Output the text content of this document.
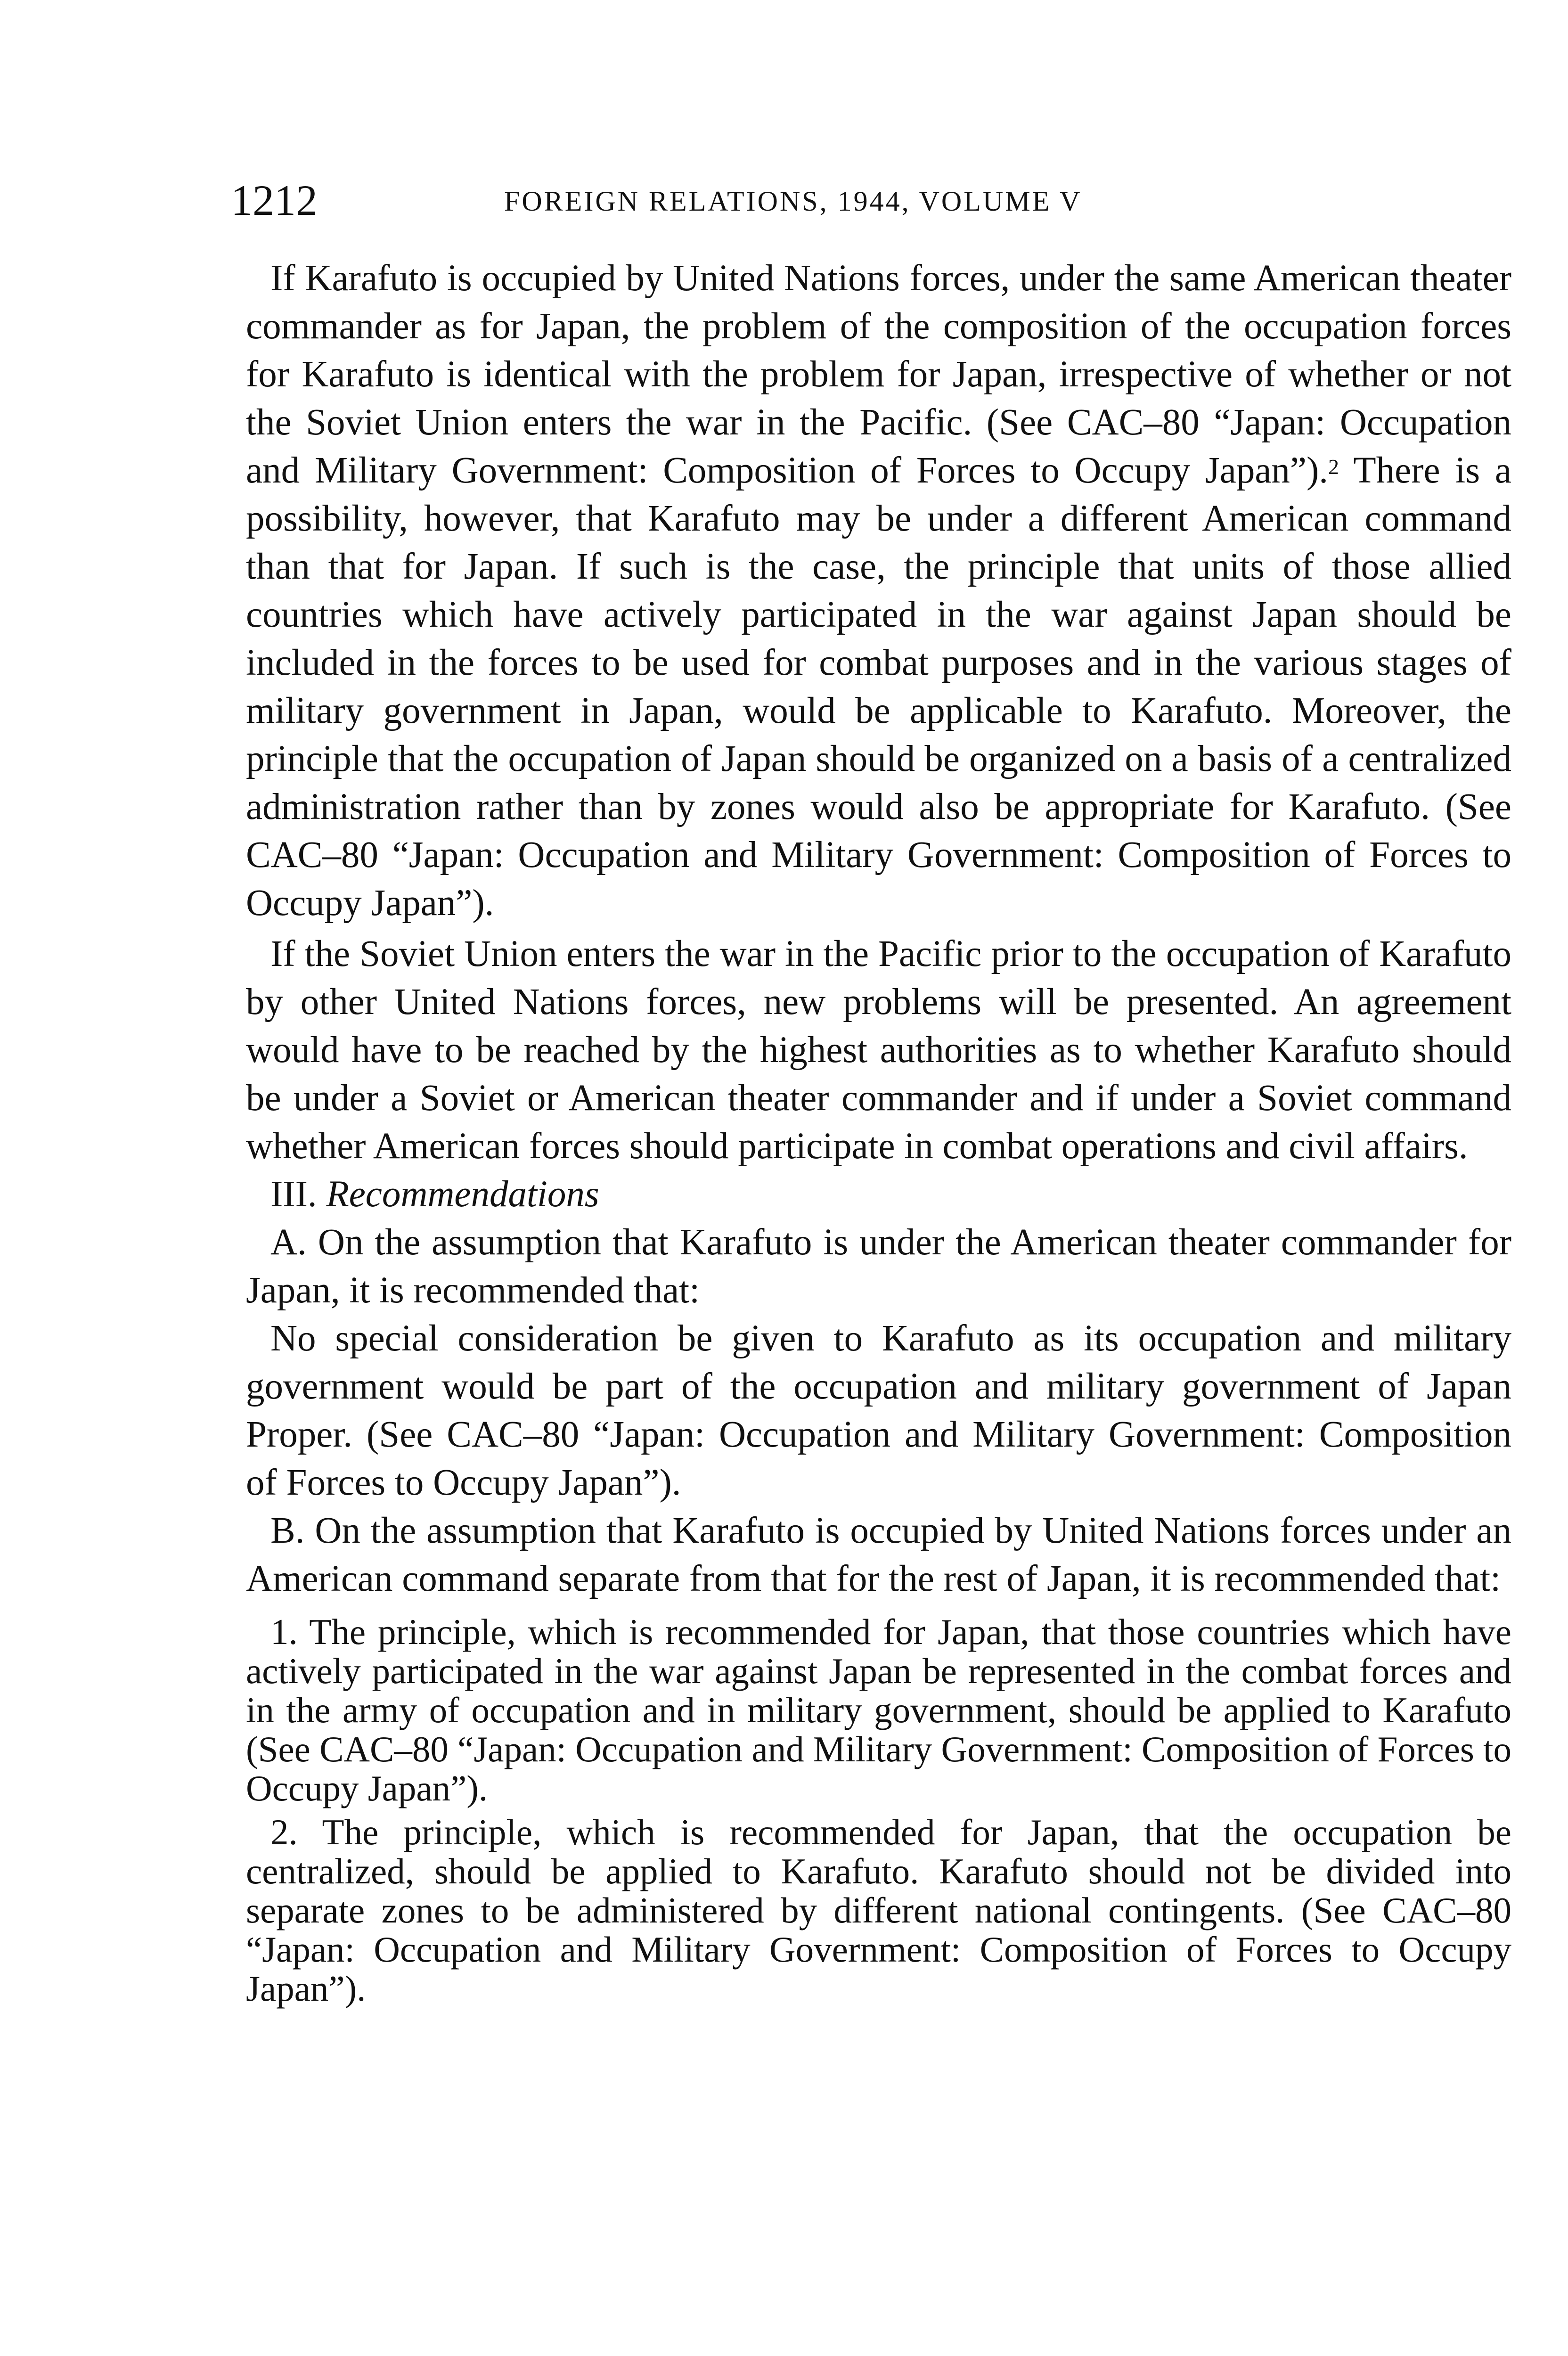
1212	FOREIGN RELATIONS, 1944, VOLUME V

If Karafuto is occupied by United Nations forces, under the same American theater commander as for Japan, the problem of the composition of the occupation forces for Karafuto is identical with the problem for Japan, irrespective of whether or not the Soviet Union enters the war in the Pacific. (See CAC–80 “Japan: Occupation and Military Government: Composition of Forces to Occupy Japan”).$^2$ There is a possibility, however, that Karafuto may be under a different American command than that for Japan. If such is the case, the principle that units of those allied countries which have actively participated in the war against Japan should be included in the forces to be used for combat purposes and in the various stages of military government in Japan, would be applicable to Karafuto. Moreover, the principle that the occupation of Japan should be organized on a basis of a centralized administration rather than by zones would also be appropriate for Karafuto. (See CAC–80 “Japan: Occupation and Military Government: Composition of Forces to Occupy Japan”).

If the Soviet Union enters the war in the Pacific prior to the occupation of Karafuto by other United Nations forces, new problems will be presented. An agreement would have to be reached by the highest authorities as to whether Karafuto should be under a Soviet or American theater commander and if under a Soviet command whether American forces should participate in combat operations and civil affairs.

III. Recommendations

A. On the assumption that Karafuto is under the American theater commander for Japan, it is recommended that:

No special consideration be given to Karafuto as its occupation and military government would be part of the occupation and military government of Japan Proper. (See CAC–80 “Japan: Occupation and Military Government: Composition of Forces to Occupy Japan”).

B. On the assumption that Karafuto is occupied by United Nations forces under an American command separate from that for the rest of Japan, it is recommended that:

1. The principle, which is recommended for Japan, that those countries which have actively participated in the war against Japan be represented in the combat forces and in the army of occupation and in military government, should be applied to Karafuto (See CAC–80 “Japan: Occupation and Military Government: Composition of Forces to Occupy Japan”).

2. The principle, which is recommended for Japan, that the occupation be centralized, should be applied to Karafuto. Karafuto should not be divided into separate zones to be administered by different national contingents. (See CAC–80 “Japan: Occupation and Military Government: Composition of Forces to Occupy Japan”).
